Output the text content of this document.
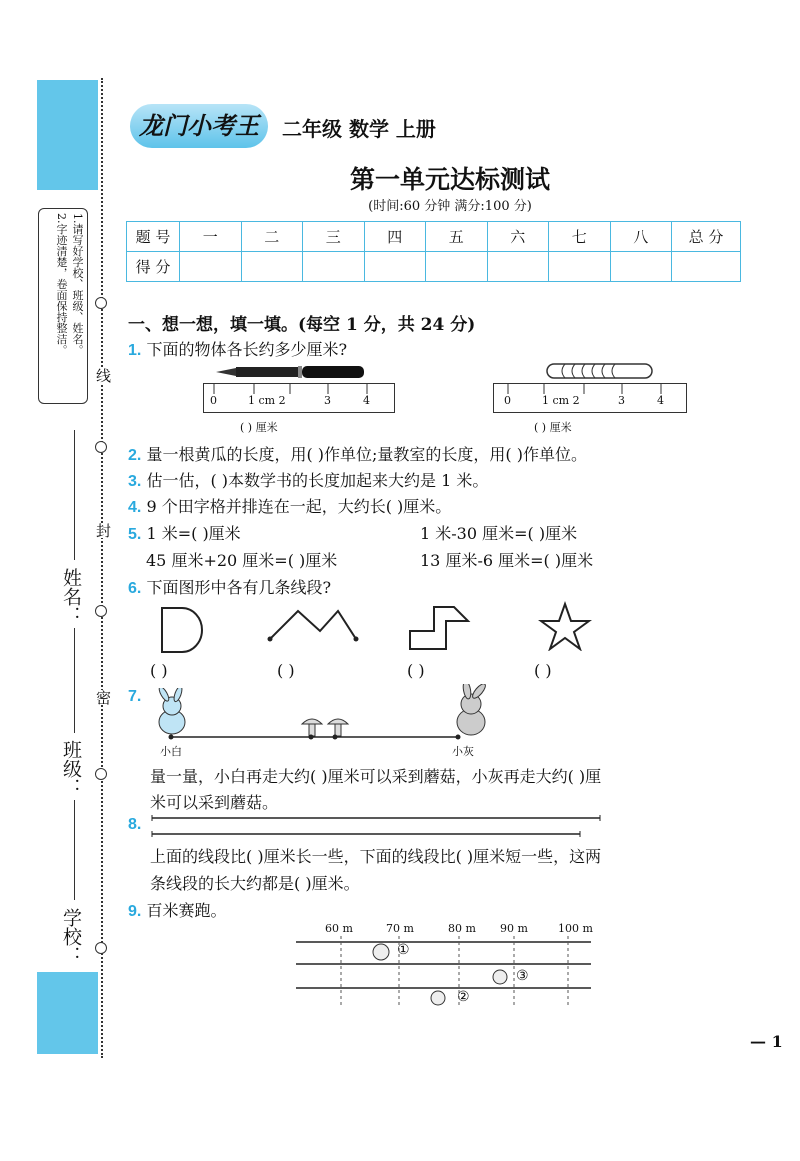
1.请写好学校、班级、姓名。
2.字迹清楚，卷面保持整洁。
线
封
密
姓名：
班级：
学校：
龙门小考王	二年级 数学 上册
第一单元达标测试
(时间:60 分钟 满分:100 分)
题 号	一	二	三	四	五	六	七	八	总 分
得 分									
一、想一想，填一填。(每空 1 分，共 24 分)
1. 下面的物体各长约多少厘米?
0	1 cm 2	3	4
( ) 厘米
0	1 cm 2	3	4
( ) 厘米
2. 量一根黄瓜的长度，用( )作单位;量教室的长度，用( )作单位。
3. 估一估，( )本数学书的长度加起来大约是 1 米。
4. 9 个田字格并排连在一起，大约长( )厘米。
5. 1 米=( )厘米	1 米-30 厘米=( )厘米
45 厘米+20 厘米=( )厘米	13 厘米-6 厘米=( )厘米
6. 下面图形中各有几条线段?
( )	( )	( )	( )
7.
小白	小灰
量一量，小白再走大约( )厘米可以采到蘑菇，小灰再走大约( )厘
米可以采到蘑菇。
8.
上面的线段比( )厘米长一些，下面的线段比( )厘米短一些，这两
条线段的长大约都是( )厘米。
9. 百米赛跑。
60 m	70 m	80 m 90 m	100 m
①
③
②
— 1
